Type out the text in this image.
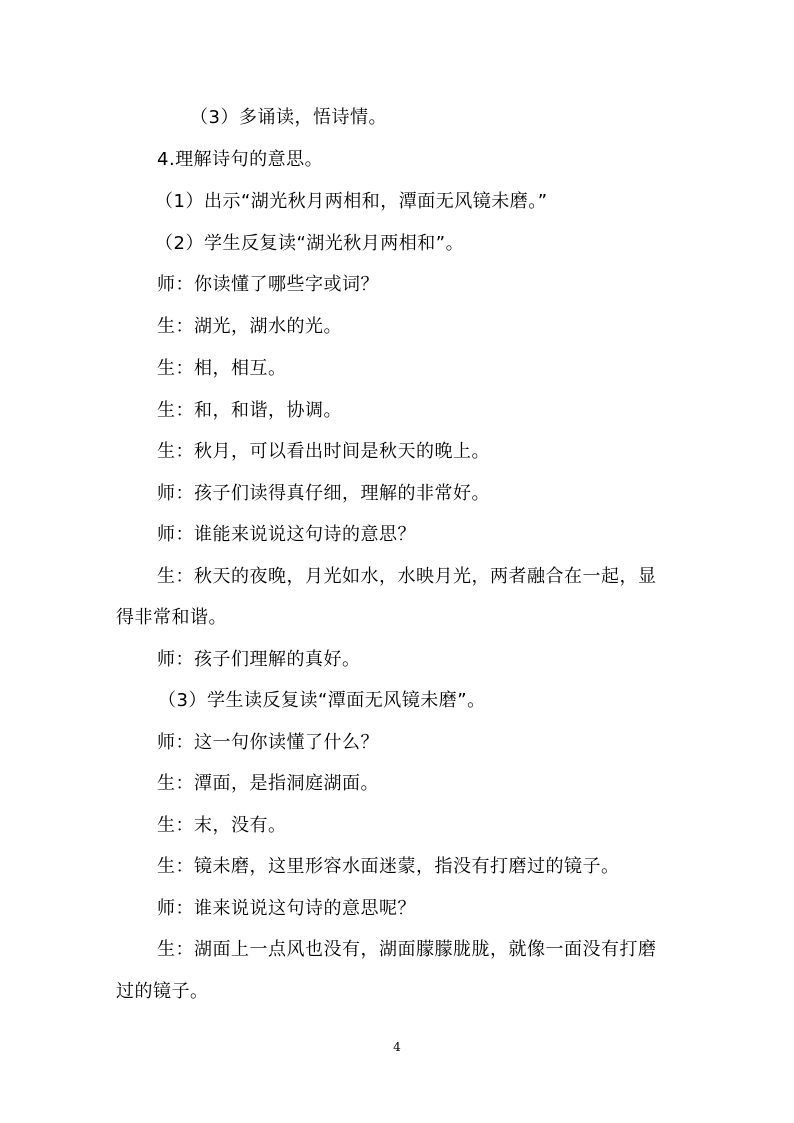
（3）多诵读，悟诗情。
4.理解诗句的意思。
（1）出示“湖光秋月两相和，潭面无风镜未磨。”
（2）学生反复读“湖光秋月两相和”。
师：你读懂了哪些字或词？
生：湖光，湖水的光。
生：相，相互。
生：和，和谐，协调。
生：秋月，可以看出时间是秋天的晚上。
师：孩子们读得真仔细，理解的非常好。
师：谁能来说说这句诗的意思？
生：秋天的夜晚，月光如水，水映月光，两者融合在一起，显
得非常和谐。
师：孩子们理解的真好。
（3）学生读反复读“潭面无风镜未磨”。
师：这一句你读懂了什么？
生：潭面，是指洞庭湖面。
生：末，没有。
生：镜未磨，这里形容水面迷蒙，指没有打磨过的镜子。
师：谁来说说这句诗的意思呢？
生：湖面上一点风也没有，湖面朦朦胧胧，就像一面没有打磨
过的镜子。
4
